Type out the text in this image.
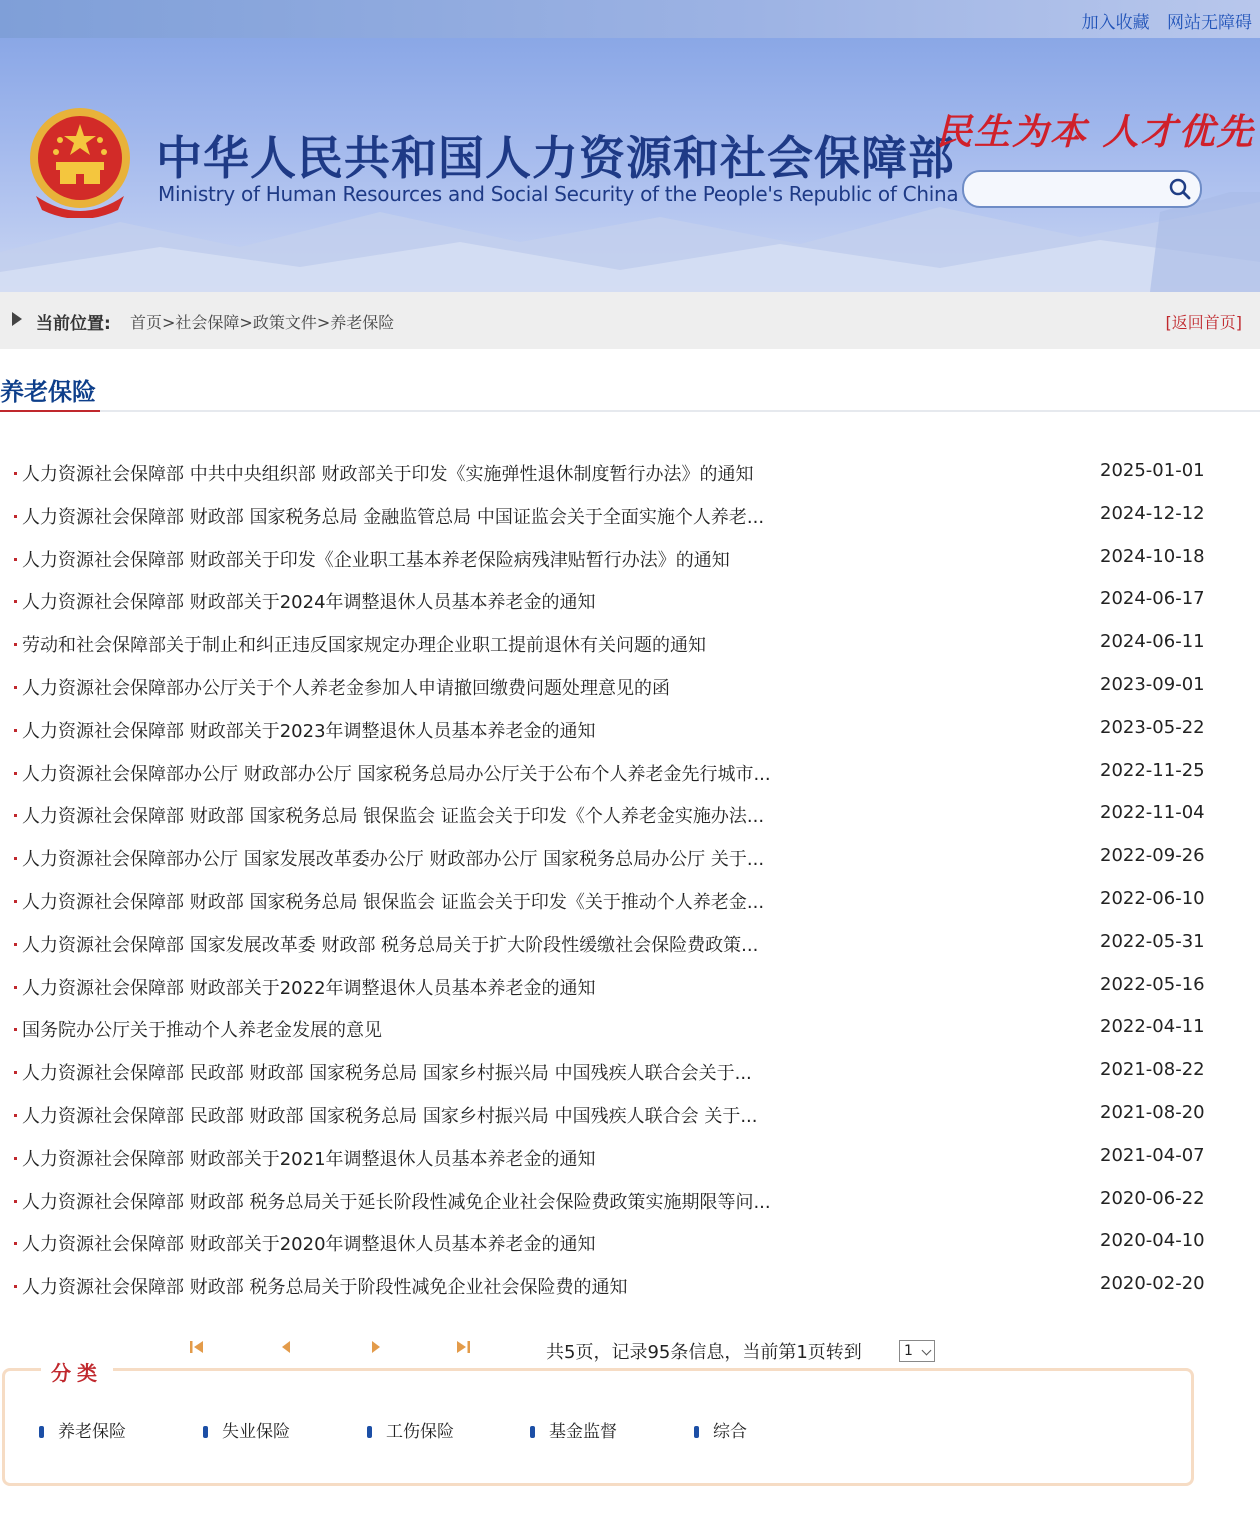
加入收藏 网站无障碍
中华人民共和国人力资源和社会保障部
Ministry of Human Resources and Social Security of the People's Republic of China
民生为本 人才优先
当前位置: 首页>社会保障>政策文件>养老保险	[返回首页]
养老保险
人力资源社会保障部 中共中央组织部 财政部关于印发《实施弹性退休制度暂行办法》的通知	2025-01-01
人力资源社会保障部 财政部 国家税务总局 金融监管总局 中国证监会关于全面实施个人养老...	2024-12-12
人力资源社会保障部 财政部关于印发《企业职工基本养老保险病残津贴暂行办法》的通知	2024-10-18
人力资源社会保障部 财政部关于2024年调整退休人员基本养老金的通知	2024-06-17
劳动和社会保障部关于制止和纠正违反国家规定办理企业职工提前退休有关问题的通知	2024-06-11
人力资源社会保障部办公厅关于个人养老金参加人申请撤回缴费问题处理意见的函	2023-09-01
人力资源社会保障部 财政部关于2023年调整退休人员基本养老金的通知	2023-05-22
人力资源社会保障部办公厅 财政部办公厅 国家税务总局办公厅关于公布个人养老金先行城市...	2022-11-25
人力资源社会保障部 财政部 国家税务总局 银保监会 证监会关于印发《个人养老金实施办法...	2022-11-04
人力资源社会保障部办公厅 国家发展改革委办公厅 财政部办公厅 国家税务总局办公厅 关于...	2022-09-26
人力资源社会保障部 财政部 国家税务总局 银保监会 证监会关于印发《关于推动个人养老金...	2022-06-10
人力资源社会保障部 国家发展改革委 财政部 税务总局关于扩大阶段性缓缴社会保险费政策...	2022-05-31
人力资源社会保障部 财政部关于2022年调整退休人员基本养老金的通知	2022-05-16
国务院办公厅关于推动个人养老金发展的意见	2022-04-11
人力资源社会保障部 民政部 财政部 国家税务总局 国家乡村振兴局 中国残疾人联合会关于...	2021-08-22
人力资源社会保障部 民政部 财政部 国家税务总局 国家乡村振兴局 中国残疾人联合会 关于...	2021-08-20
人力资源社会保障部 财政部关于2021年调整退休人员基本养老金的通知	2021-04-07
人力资源社会保障部 财政部 税务总局关于延长阶段性减免企业社会保险费政策实施期限等问...	2020-06-22
人力资源社会保障部 财政部关于2020年调整退休人员基本养老金的通知	2020-04-10
人力资源社会保障部 财政部 税务总局关于阶段性减免企业社会保险费的通知	2020-02-20
共5页，记录95条信息，当前第1页转到	1
分类
养老保险	失业保险	工伤保险	基金监督	综合
